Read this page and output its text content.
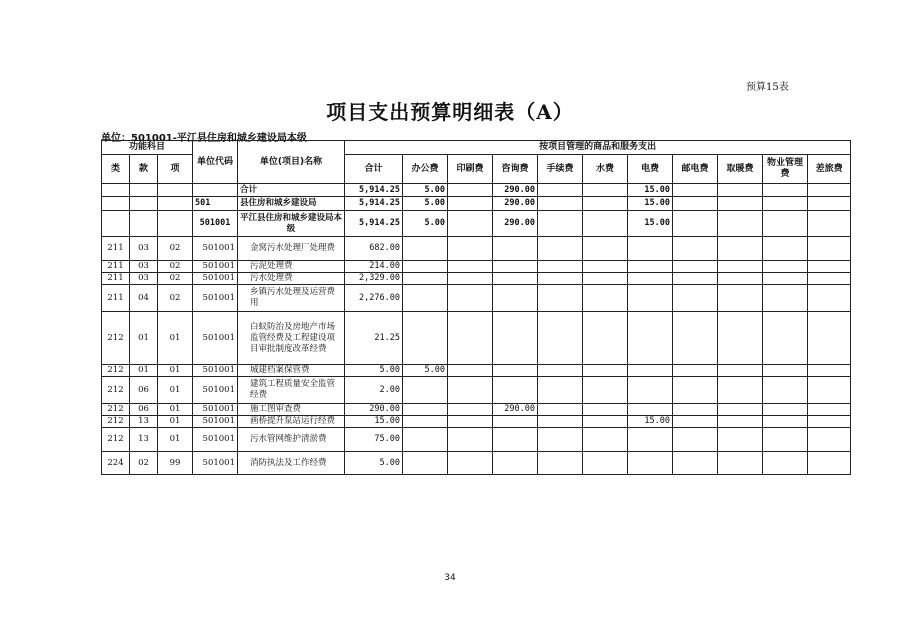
预算15表
项目支出预算明细表（A）
单位：501001-平江县住房和城乡建设局本级
功能科目			单位代码	单位(项目)名称	按项目管理的商品和服务支出										
类	款	项			合计	办公费	印刷费	咨询费	手续费	水费	电费	邮电费	取暖费	物业管理费	差旅费
				合计	5,914.25	5.00		290.00			15.00				
			501	县住房和城乡建设局	5,914.25	5.00		290.00			15.00				
			501001	平江县住房和城乡建设局本级	5,914.25	5.00		290.00			15.00				
211	03	02	501001	金窝污水处理厂处理费	682.00										
211	03	02	501001	污泥处理费	214.00										
211	03	02	501001	污水处理费	2,329.00										
211	04	02	501001	乡镇污水处理及运营费用	2,276.00										
212	01	01	501001	白蚁防治及房地产市场监管经费及工程建设项目审批制度改革经费	21.25										
212	01	01	501001	城建档案保管费	5.00	5.00									
212	06	01	501001	建筑工程质量安全监管经费	2.00										
212	06	01	501001	施工图审查费	290.00			290.00							
212	13	01	501001	画桥提升泵站运行经费	15.00						15.00				
212	13	01	501001	污水管网维护清淤费	75.00										
224	02	99	501001	消防执法及工作经费	5.00										
34
